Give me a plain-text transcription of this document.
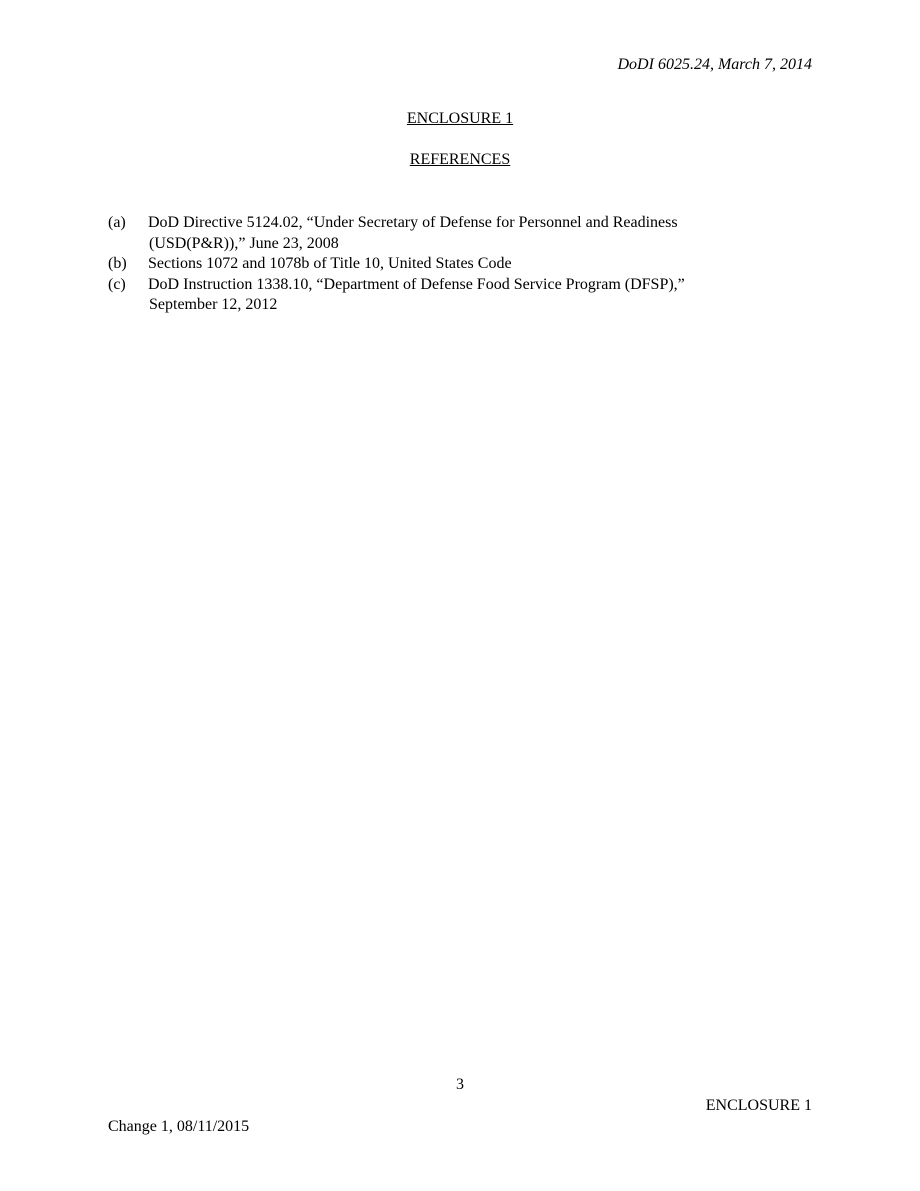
DoDI 6025.24, March 7, 2014
ENCLOSURE 1
REFERENCES
(a)	DoD Directive 5124.02, “Under Secretary of Defense for Personnel and Readiness
(USD(P&R)),” June 23, 2008
(b)	Sections 1072 and 1078b of Title 10, United States Code
(c)	DoD Instruction 1338.10, “Department of Defense Food Service Program (DFSP),”
September 12, 2012
3
ENCLOSURE 1
Change 1, 08/11/2015
